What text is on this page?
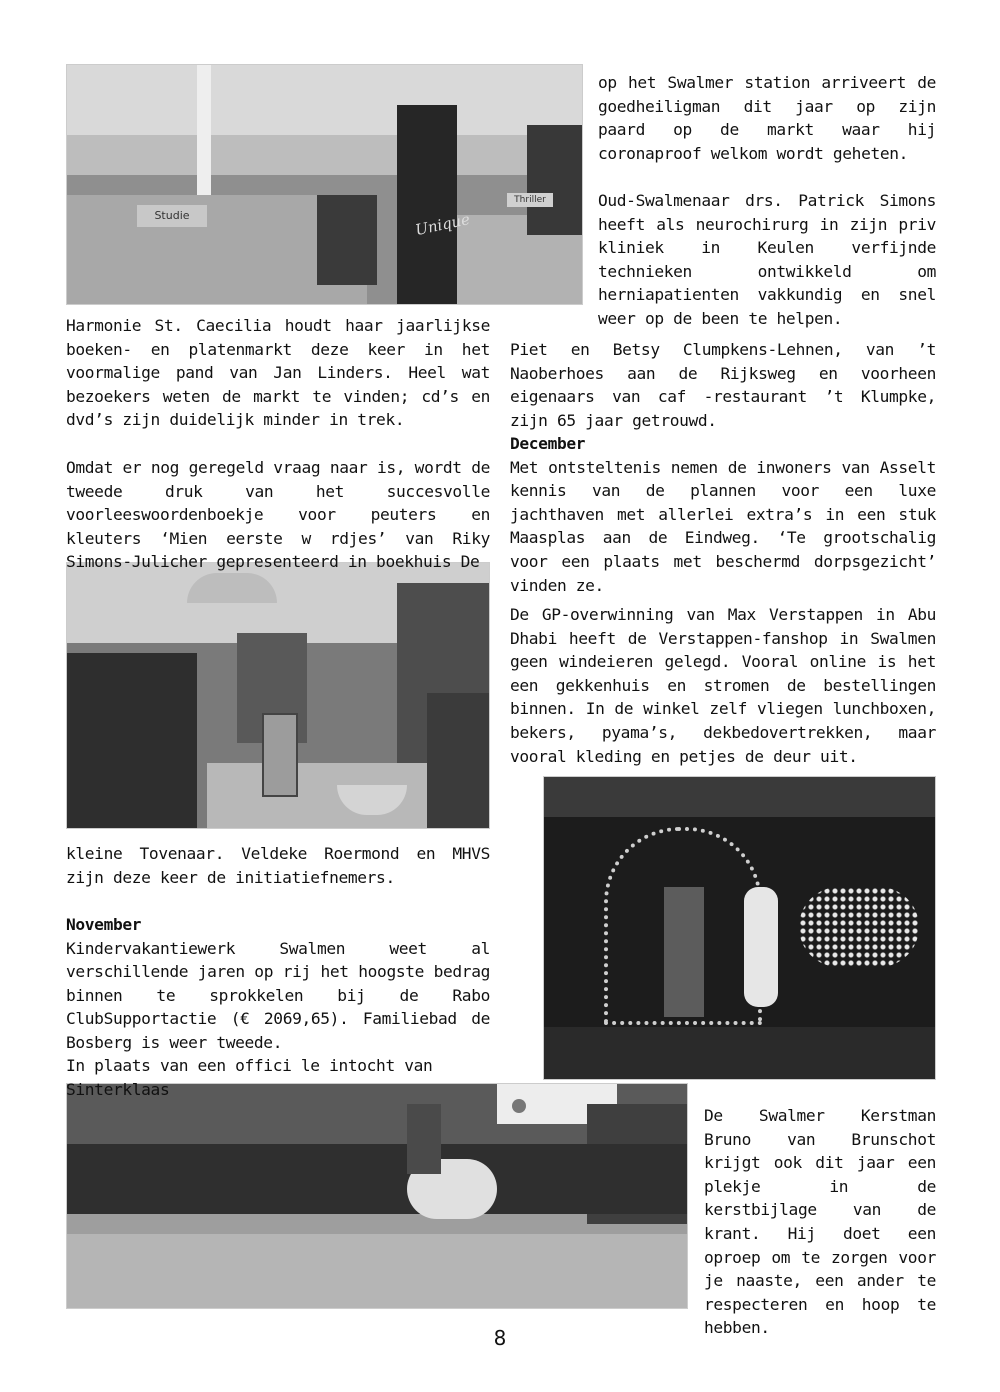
Studie
Thriller
Unique

Harmonie St. Caecilia houdt haar jaarlijkse boeken- en platenmarkt deze keer in het voormalige pand van Jan Linders. Heel wat bezoekers weten de markt te vinden; cd’s en dvd’s zijn duidelijk minder in trek.

Omdat er nog geregeld vraag naar is, wordt de tweede druk van het succesvolle voorleeswoordenboekje voor peuters en kleuters ‘Mien eerste w rdjes’ van Riky Simons-Julicher gepresenteerd in boekhuis De

kleine Tovenaar. Veldeke Roermond en MHVS zijn deze keer de initiatiefnemers.

November
Kindervakantiewerk Swalmen weet al verschillende jaren op rij het hoogste bedrag binnen te sprokkelen bij de Rabo ClubSupportactie (€ 2069,65). Familiebad de Bosberg is weer tweede.

In plaats van een offici le intocht van Sinterklaas

op het Swalmer station arriveert de goedheiligman dit jaar op zijn paard op de markt waar hij coronaproof welkom wordt geheten.

Oud-Swalmenaar drs. Patrick Simons heeft als neurochirurg in zijn priv kliniek in Keulen verfijnde technieken ontwikkeld om herniapatienten vakkundig en snel weer op de been te helpen.

Piet en Betsy Clumpkens-Lehnen, van ’t Naoberhoes aan de Rijksweg en voorheen eigenaars van caf -restaurant ’t Klumpke, zijn 65 jaar getrouwd.

December
Met ontsteltenis nemen de inwoners van Asselt kennis van de plannen voor een luxe jachthaven met allerlei extra’s in een stuk Maasplas aan de Eindweg. ‘Te grootschalig voor een plaats met beschermd dorpsgezicht’ vinden ze.

De GP-overwinning van Max Verstappen in Abu Dhabi heeft de Verstappen-fanshop in Swalmen geen windeieren gelegd. Vooral online is het een gekkenhuis en stromen de bestellingen binnen. In de winkel zelf vliegen lunchboxen, bekers, pyama’s, dekbedovertrekken, maar vooral kleding en petjes de deur uit.

De Swalmer Kerstman Bruno van Brunschot krijgt ook dit jaar een plekje in de kerstbijlage van de krant. Hij doet een oproep om te zorgen voor je naaste, een ander te respecteren en hoop te hebben.

8
